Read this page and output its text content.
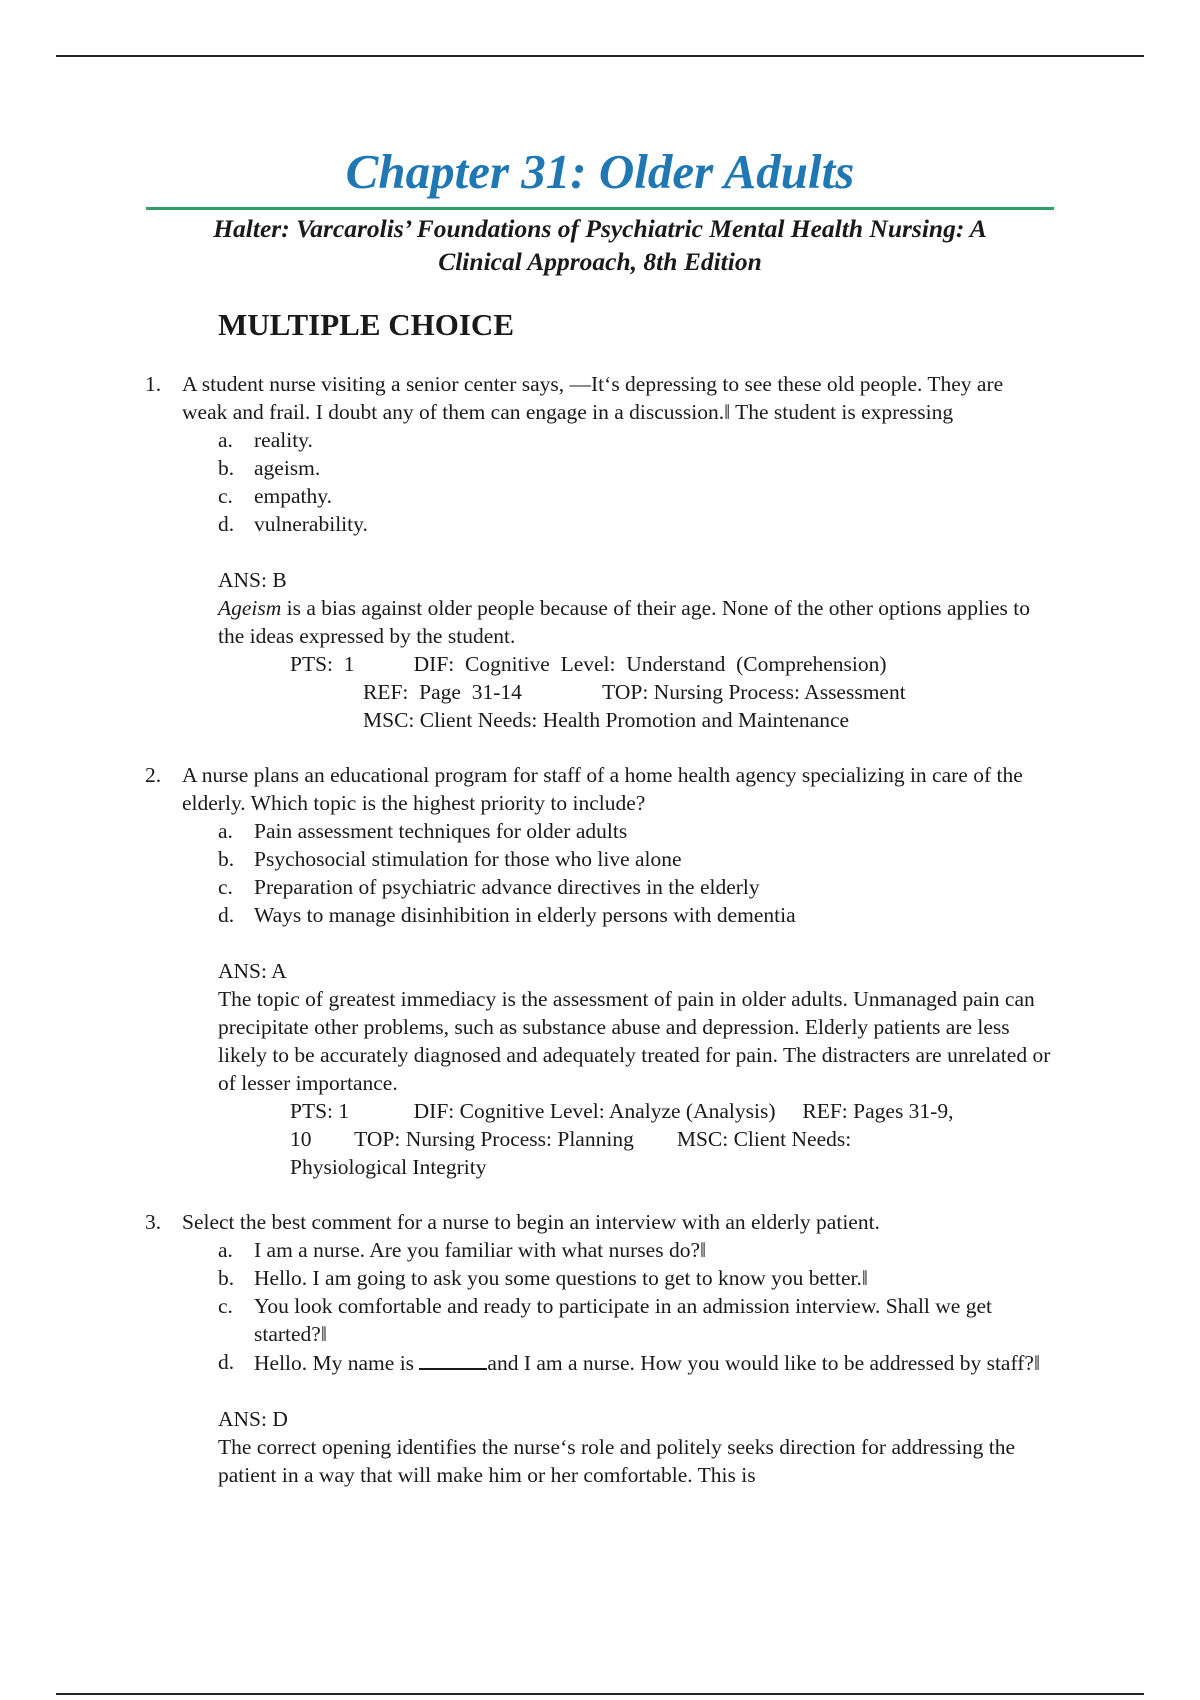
Chapter 31: Older Adults
Halter: Varcarolis’ Foundations of Psychiatric Mental Health Nursing: A
Clinical Approach, 8th Edition
MULTIPLE CHOICE
1. A student nurse visiting a senior center says, —It‘s depressing to see these old people. They are weak and frail. I doubt any of them can engage in a discussion.‖ The student is expressing
a. reality.
b. ageism.
c. empathy.
d. vulnerability.
ANS: B
Ageism is a bias against older people because of their age. None of the other options applies to the ideas expressed by the student.
PTS:  1           DIF:  Cognitive  Level:  Understand  (Comprehension)
REF:  Page  31-14               TOP: Nursing Process: Assessment
MSC: Client Needs: Health Promotion and Maintenance
2. A nurse plans an educational program for staff of a home health agency specializing in care of the elderly. Which topic is the highest priority to include?
a. Pain assessment techniques for older adults
b. Psychosocial stimulation for those who live alone
c. Preparation of psychiatric advance directives in the elderly
d. Ways to manage disinhibition in elderly persons with dementia
ANS: A
The topic of greatest immediacy is the assessment of pain in older adults. Unmanaged pain can precipitate other problems, such as substance abuse and depression. Elderly patients are less likely to be accurately diagnosed and adequately treated for pain. The distracters are unrelated or of lesser importance.
PTS: 1            DIF: Cognitive Level: Analyze (Analysis)     REF: Pages 31-9,
10        TOP: Nursing Process: Planning        MSC: Client Needs:
Physiological Integrity
3. Select the best comment for a nurse to begin an interview with an elderly patient.
a. I am a nurse. Are you familiar with what nurses do?‖
b. Hello. I am going to ask you some questions to get to know you better.‖
c. You look comfortable and ready to participate in an admission interview. Shall we get started?‖
d. Hello. My name is	and I am a nurse. How you would like to be addressed by staff?‖
ANS: D
The correct opening identifies the nurse‘s role and politely seeks direction for addressing the patient in a way that will make him or her comfortable. This is
